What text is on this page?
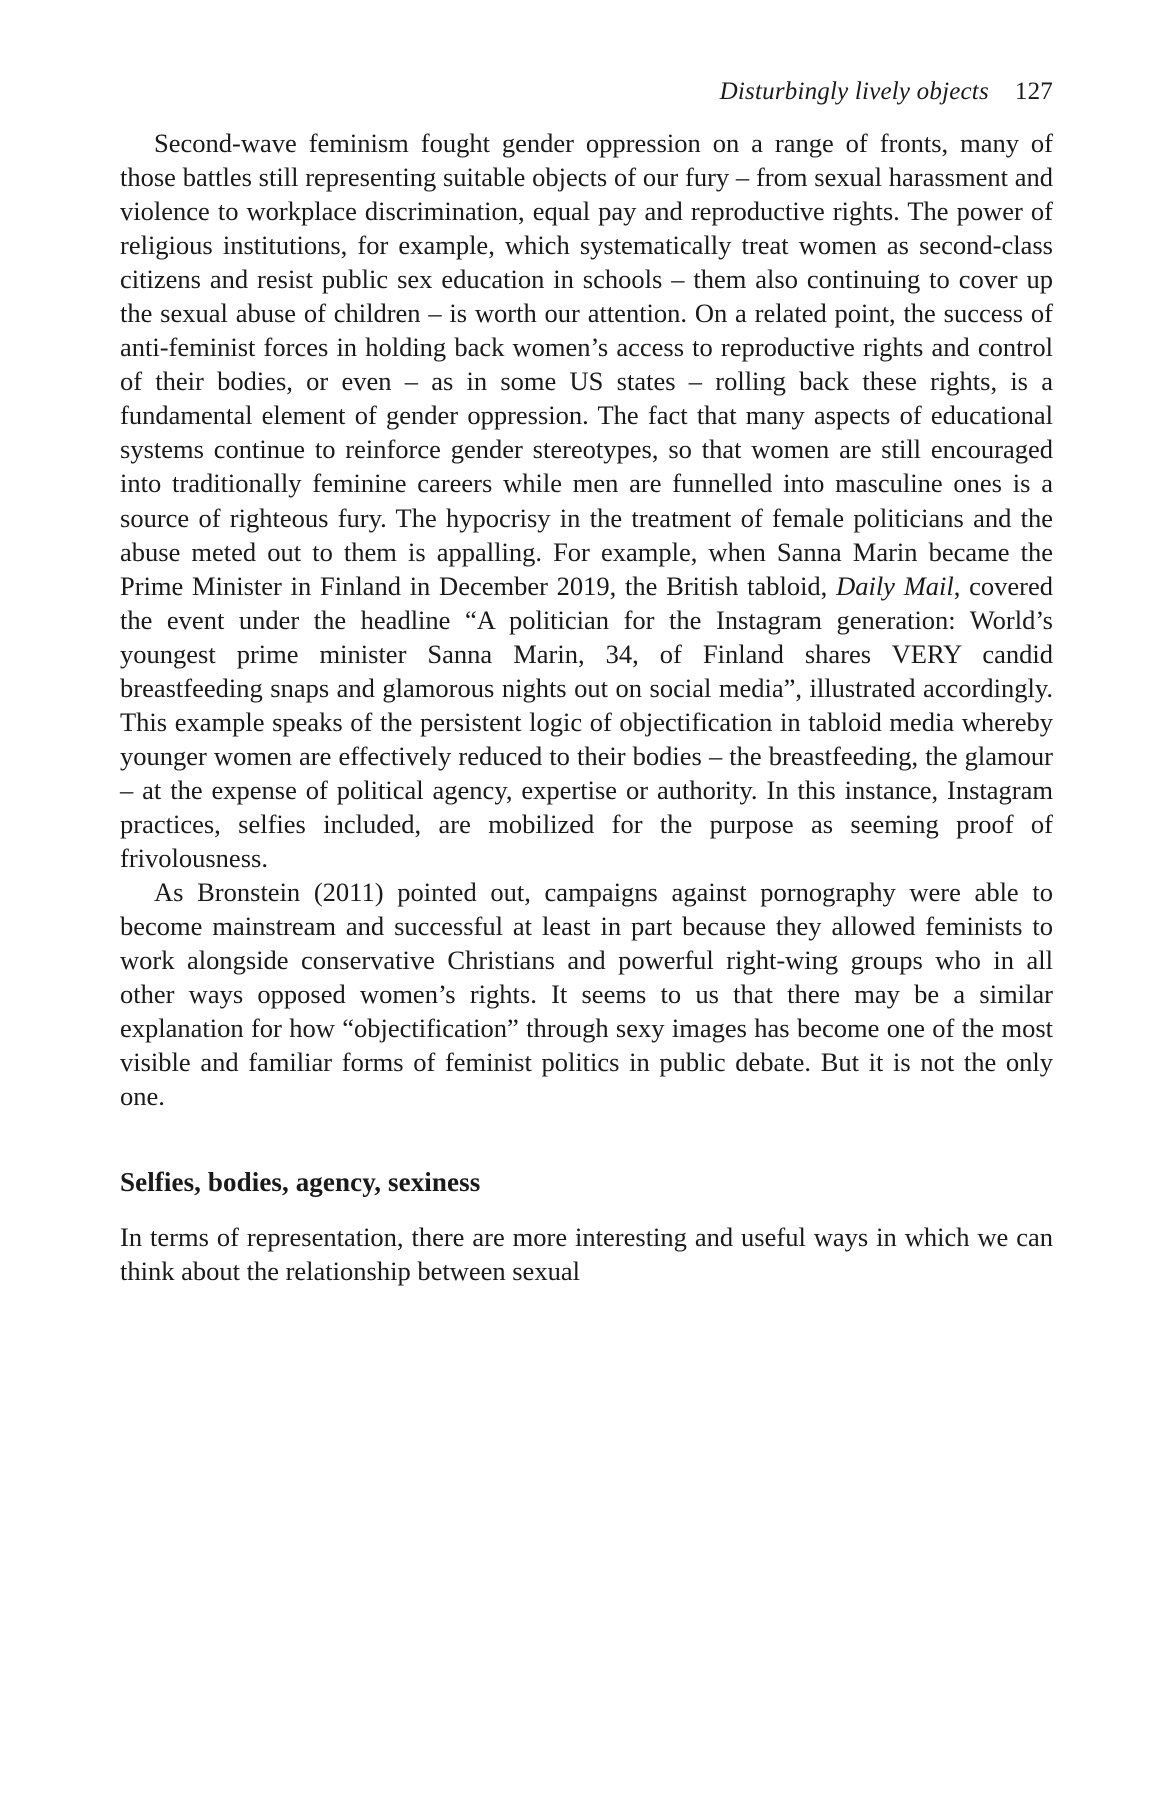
Disturbingly lively objects 127

Second-wave feminism fought gender oppression on a range of fronts, many of those battles still representing suitable objects of our fury – from sexual harassment and violence to workplace discrimination, equal pay and reproductive rights. The power of religious institutions, for example, which systematically treat women as second-class citizens and resist public sex education in schools – them also continuing to cover up the sexual abuse of children – is worth our attention. On a related point, the success of anti-feminist forces in holding back women’s access to reproductive rights and control of their bodies, or even – as in some US states – rolling back these rights, is a fundamental element of gender oppression. The fact that many aspects of educational systems continue to reinforce gender stereotypes, so that women are still encouraged into traditionally feminine careers while men are funnelled into masculine ones is a source of righteous fury. The hypocrisy in the treatment of female politicians and the abuse meted out to them is appalling. For example, when Sanna Marin became the Prime Minister in Finland in December 2019, the British tabloid, Daily Mail, covered the event under the headline “A politician for the Instagram generation: World’s youngest prime minister Sanna Marin, 34, of Finland shares VERY candid breastfeeding snaps and glamorous nights out on social media”, illustrated accordingly. This example speaks of the persistent logic of objectification in tabloid media whereby younger women are effectively reduced to their bodies – the breastfeeding, the glamour – at the expense of political agency, expertise or authority. In this instance, Instagram practices, selfies included, are mobilized for the purpose as seeming proof of frivolousness.

As Bronstein (2011) pointed out, campaigns against pornography were able to become mainstream and successful at least in part because they allowed feminists to work alongside conservative Christians and powerful right-wing groups who in all other ways opposed women’s rights. It seems to us that there may be a similar explanation for how “objectification” through sexy images has become one of the most visible and familiar forms of feminist politics in public debate. But it is not the only one.

Selfies, bodies, agency, sexiness

In terms of representation, there are more interesting and useful ways in which we can think about the relationship between sexual
